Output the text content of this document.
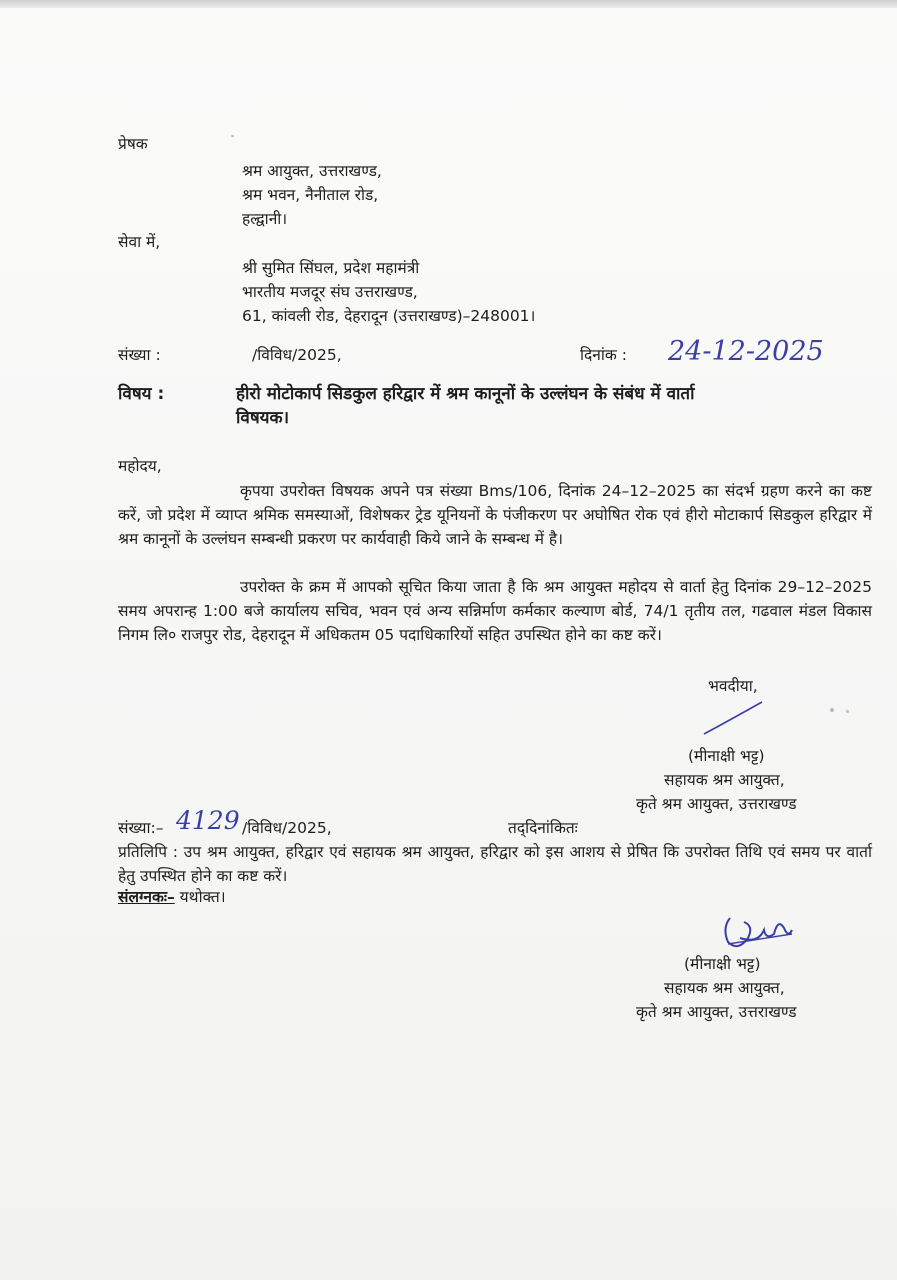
प्रेषक
श्रम आयुक्त, उत्तराखण्ड,
श्रम भवन, नैनीताल रोड,
हल्द्वानी।
सेवा में,
श्री सुमित सिंघल, प्रदेश महामंत्री
भारतीय मजदूर संघ उत्तराखण्ड,
61, कांवली रोड, देहरादून (उत्तराखण्ड)–248001।
संख्या :	/विविध/2025,	दिनांक : 24-12-2025
विषय :	हीरो मोटोकार्प सिडकुल हरिद्वार में श्रम कानूनों के उल्लंघन के संबंध में वार्ता
विषयक।
महोदय,
कृपया उपरोक्त विषयक अपने पत्र संख्या Bms/106, दिनांक 24–12–2025 का संदर्भ ग्रहण करने का कष्ट करें, जो प्रदेश में व्याप्त श्रमिक समस्याओं, विशेषकर ट्रेड यूनियनों के पंजीकरण पर अघोषित रोक एवं हीरो मोटाकार्प सिडकुल हरिद्वार में श्रम कानूनों के उल्लंघन सम्बन्धी प्रकरण पर कार्यवाही किये जाने के सम्बन्ध में है।
उपरोक्त के क्रम में आपको सूचित किया जाता है कि श्रम आयुक्त महोदय से वार्ता हेतु दिनांक 29–12–2025 समय अपरान्ह 1:00 बजे कार्यालय सचिव, भवन एवं अन्य सन्निर्माण कर्मकार कल्याण बोर्ड, 74/1 तृतीय तल, गढवाल मंडल विकास निगम लि० राजपुर रोड, देहरादून में अधिकतम 05 पदाधिकारियों सहित उपस्थित होने का कष्ट करें।
भवदीया,
(मीनाक्षी भट्ट)
सहायक श्रम आयुक्त,
कृते श्रम आयुक्त, उत्तराखण्ड
संख्या:– 4129 /विविध/2025,	तद्‌दिनांकितः
प्रतिलिपि : उप श्रम आयुक्त, हरिद्वार एवं सहायक श्रम आयुक्त, हरिद्वार को इस आशय से प्रेषित कि उपरोक्त तिथि एवं समय पर वार्ता हेतु उपस्थित होने का कष्ट करें।
संलग्नकः– यथोक्त।
(मीनाक्षी भट्ट)
सहायक श्रम आयुक्त,
कृते श्रम आयुक्त, उत्तराखण्ड
